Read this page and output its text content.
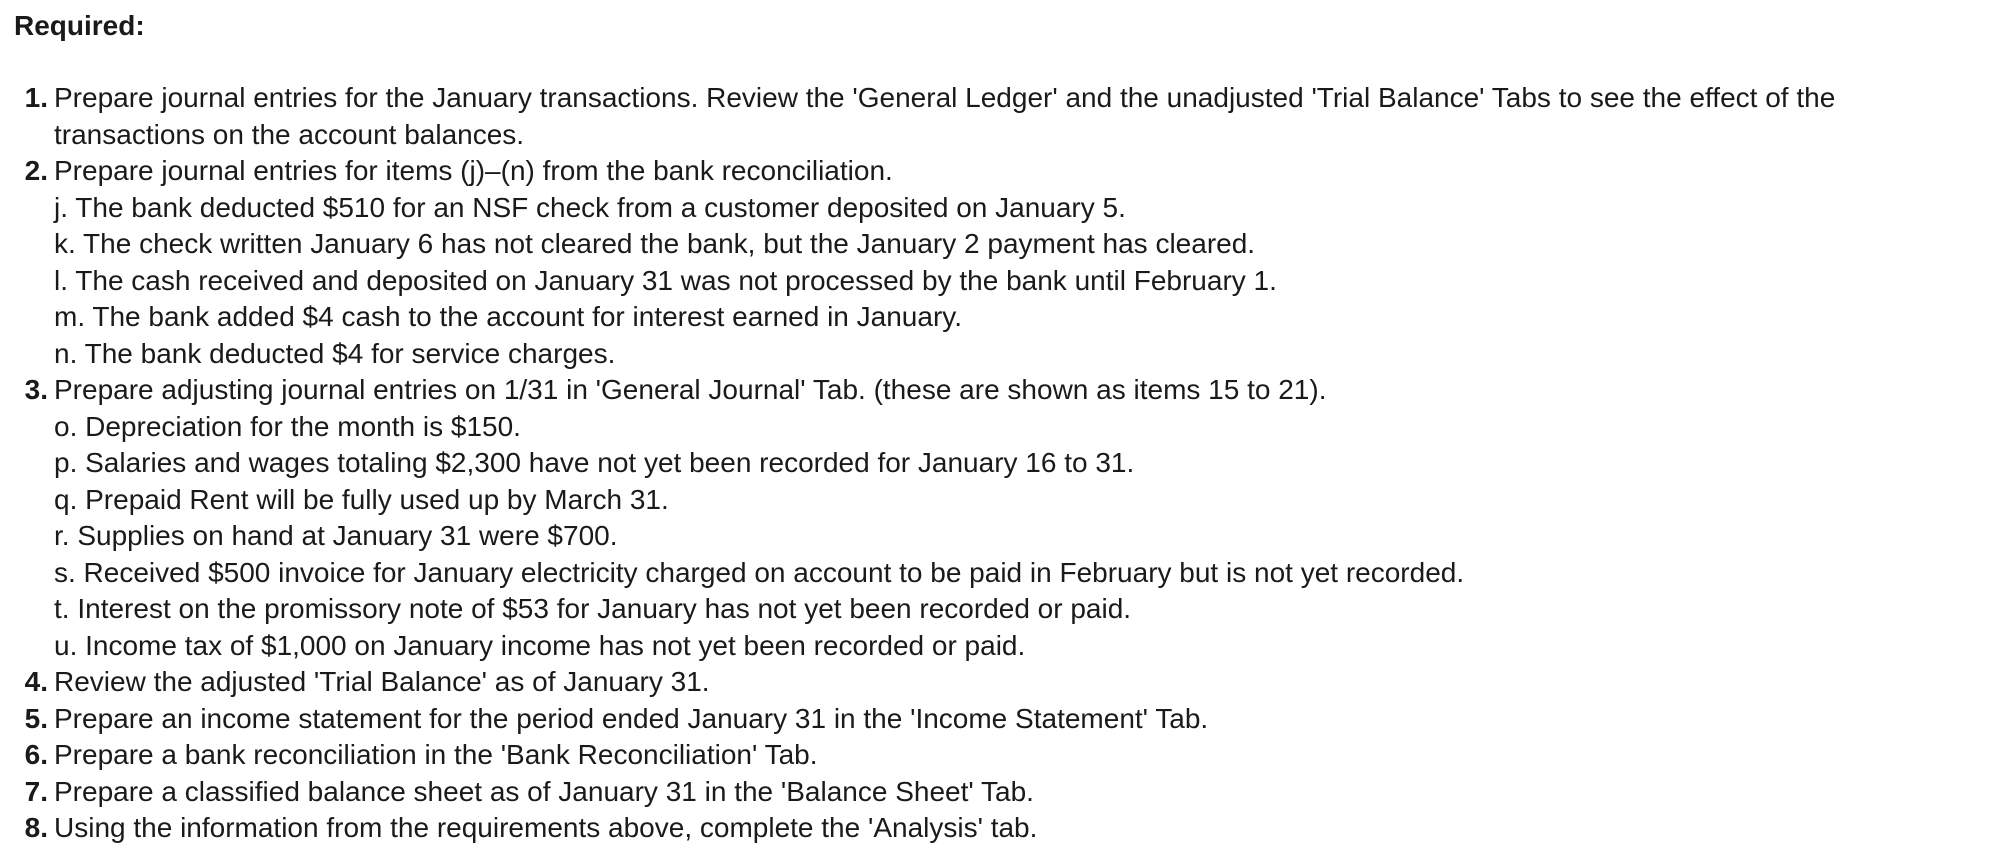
Required:
1. Prepare journal entries for the January transactions. Review the 'General Ledger' and the unadjusted 'Trial Balance' Tabs to see the effect of the transactions on the account balances.
2. Prepare journal entries for items (j)–(n) from the bank reconciliation.
j. The bank deducted $510 for an NSF check from a customer deposited on January 5.
k. The check written January 6 has not cleared the bank, but the January 2 payment has cleared.
l. The cash received and deposited on January 31 was not processed by the bank until February 1.
m. The bank added $4 cash to the account for interest earned in January.
n. The bank deducted $4 for service charges.
3. Prepare adjusting journal entries on 1/31 in 'General Journal' Tab. (these are shown as items 15 to 21).
o. Depreciation for the month is $150.
p. Salaries and wages totaling $2,300 have not yet been recorded for January 16 to 31.
q. Prepaid Rent will be fully used up by March 31.
r. Supplies on hand at January 31 were $700.
s. Received $500 invoice for January electricity charged on account to be paid in February but is not yet recorded.
t. Interest on the promissory note of $53 for January has not yet been recorded or paid.
u. Income tax of $1,000 on January income has not yet been recorded or paid.
4. Review the adjusted 'Trial Balance' as of January 31.
5. Prepare an income statement for the period ended January 31 in the 'Income Statement' Tab.
6. Prepare a bank reconciliation in the 'Bank Reconciliation' Tab.
7. Prepare a classified balance sheet as of January 31 in the 'Balance Sheet' Tab.
8. Using the information from the requirements above, complete the 'Analysis' tab.
